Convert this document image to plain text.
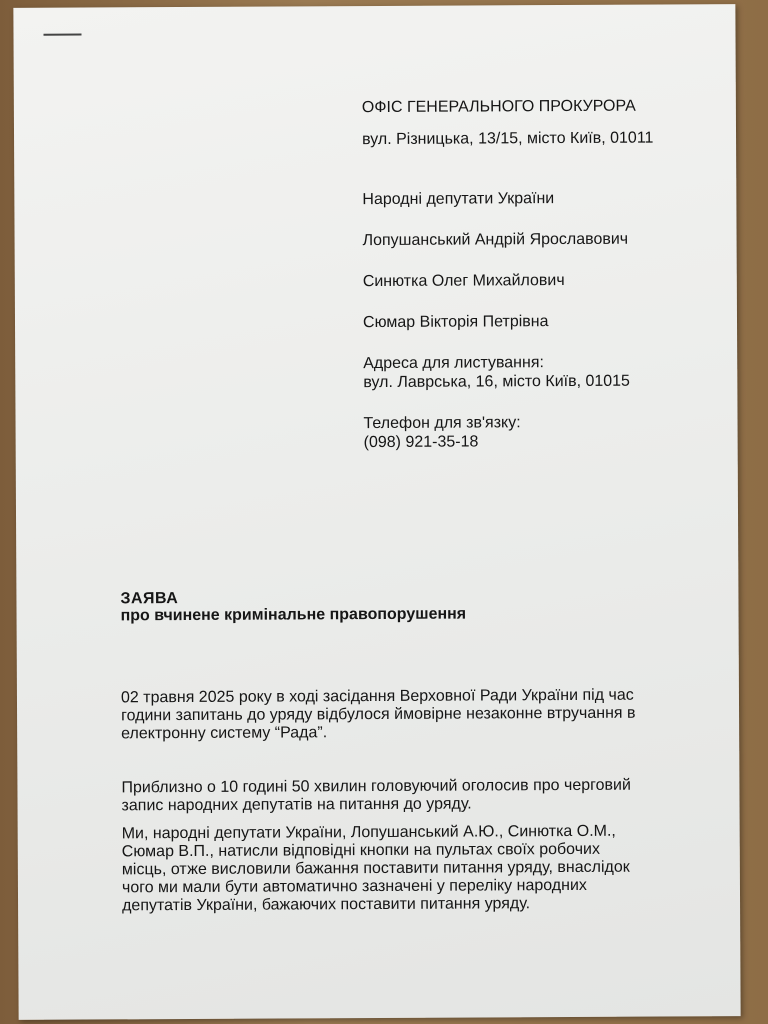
ОФІС ГЕНЕРАЛЬНОГО ПРОКУРОРА

вул. Різницька, 13/15, місто Київ, 01011

Народні депутати України

Лопушанський Андрій Ярославович

Синютка Олег Михайлович

Сюмар Вікторія Петрівна

Адреса для листування:

вул. Лаврська, 16, місто Київ, 01015

Телефон для зв'язку:

(098) 921-35-18

ЗАЯВА
про вчинене кримінальне правопорушення
02 травня 2025 року в ході засідання Верховної Ради України під час години запитань до уряду відбулося ймовірне незаконне втручання в електронну систему “Рада”.
Приблизно о 10 годині 50 хвилин головуючий оголосив про черговий запис народних депутатів на питання до уряду.
Ми, народні депутати України, Лопушанський А.Ю., Синютка О.М., Сюмар В.П., натисли відповідні кнопки на пультах своїх робочих місць, отже висловили бажання поставити питання уряду, внаслідок чого ми мали бути автоматично зазначені у переліку народних депутатів України, бажаючих поставити питання уряду.
